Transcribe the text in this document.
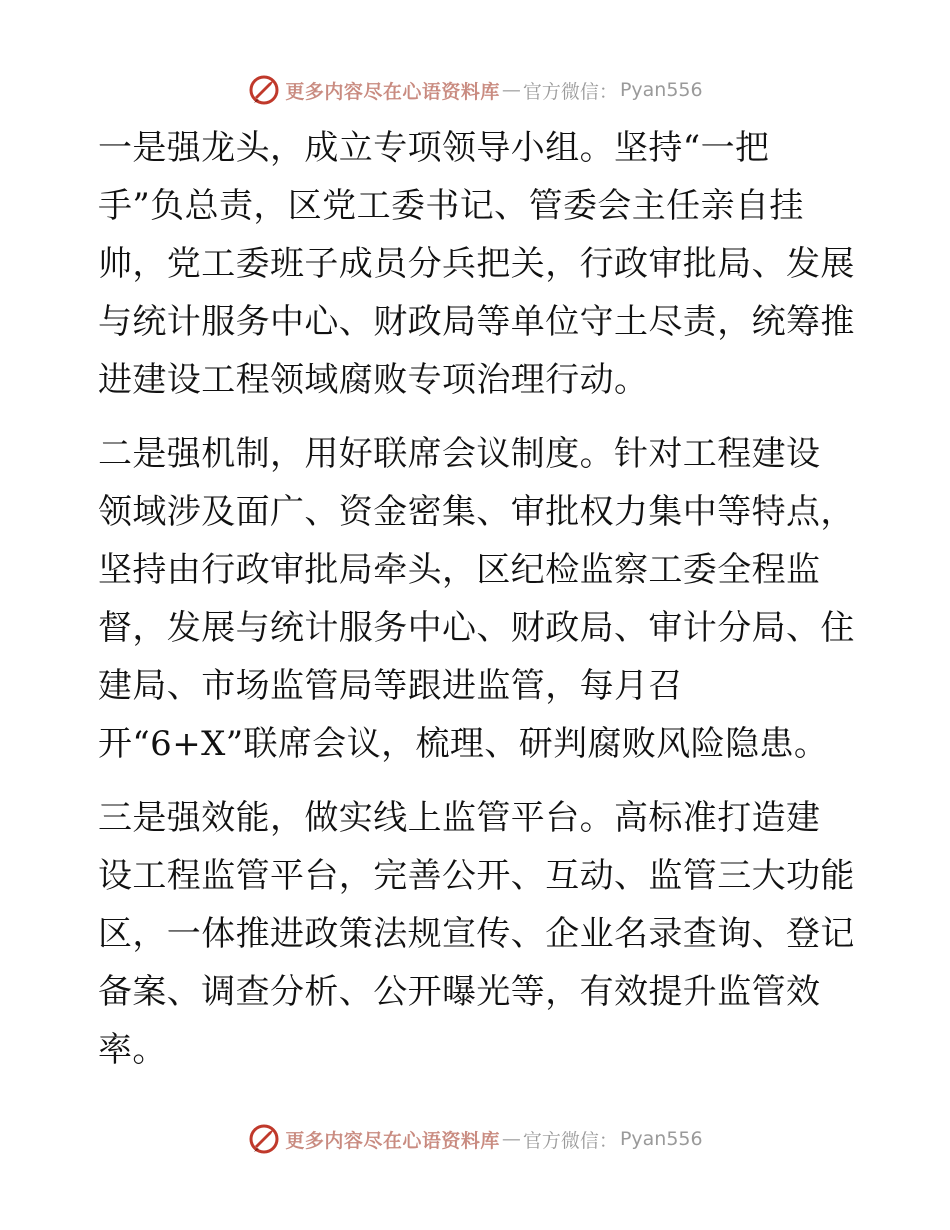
更多内容尽在心语资料库 — 官方微信： Pyan556
一是强龙头，成立专项领导小组。坚持“一把
手”负总责，区党工委书记、管委会主任亲自挂
帅，党工委班子成员分兵把关，行政审批局、发展
与统计服务中心、财政局等单位守土尽责，统筹推
进建设工程领域腐败专项治理行动。
二是强机制，用好联席会议制度。针对工程建设
领域涉及面广、资金密集、审批权力集中等特点，
坚持由行政审批局牵头，区纪检监察工委全程监
督，发展与统计服务中心、财政局、审计分局、住
建局、市场监管局等跟进监管，每月召
开“6+X”联席会议，梳理、研判腐败风险隐患。
三是强效能，做实线上监管平台。高标准打造建
设工程监管平台，完善公开、互动、监管三大功能
区，一体推进政策法规宣传、企业名录查询、登记
备案、调查分析、公开曝光等，有效提升监管效
率。
更多内容尽在心语资料库 — 官方微信： Pyan556
